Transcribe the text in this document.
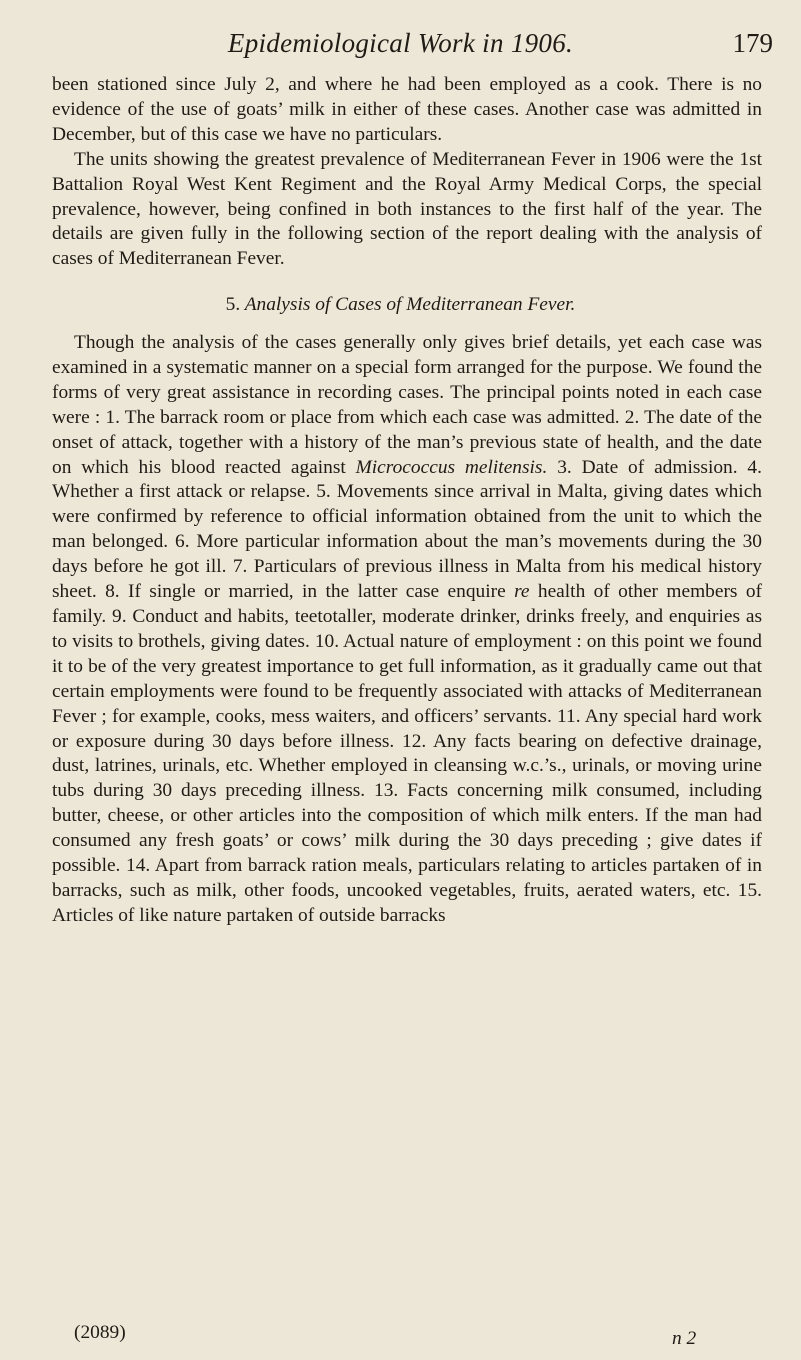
Epidemiological Work in 1906.	179

been stationed since July 2, and where he had been employed as a cook. There is no evidence of the use of goats’ milk in either of these cases. Another case was admitted in December, but of this case we have no particulars.

The units showing the greatest prevalence of Mediterranean Fever in 1906 were the 1st Battalion Royal West Kent Regiment and the Royal Army Medical Corps, the special prevalence, however, being confined in both instances to the first half of the year. The details are given fully in the following section of the report dealing with the analysis of cases of Mediterranean Fever.

5. Analysis of Cases of Mediterranean Fever.

Though the analysis of the cases generally only gives brief details, yet each case was examined in a systematic manner on a special form arranged for the purpose. We found the forms of very great assistance in recording cases. The principal points noted in each case were : 1. The barrack room or place from which each case was admitted. 2. The date of the onset of attack, together with a history of the man’s previous state of health, and the date on which his blood reacted against Micrococcus melitensis. 3. Date of admission. 4. Whether a first attack or relapse. 5. Movements since arrival in Malta, giving dates which were confirmed by reference to official information obtained from the unit to which the man belonged. 6. More particular information about the man’s movements during the 30 days before he got ill. 7. Particulars of previous illness in Malta from his medical history sheet. 8. If single or married, in the latter case enquire re health of other members of family. 9. Conduct and habits, teetotaller, moderate drinker, drinks freely, and enquiries as to visits to brothels, giving dates. 10. Actual nature of employment : on this point we found it to be of the very greatest importance to get full information, as it gradually came out that certain employments were found to be frequently associated with attacks of Mediterranean Fever ; for example, cooks, mess waiters, and officers’ servants. 11. Any special hard work or exposure during 30 days before illness. 12. Any facts bearing on defective drainage, dust, latrines, urinals, etc. Whether employed in cleansing w.c.’s., urinals, or moving urine tubs during 30 days preceding illness. 13. Facts concerning milk consumed, including butter, cheese, or other articles into the composition of which milk enters. If the man had consumed any fresh goats’ or cows’ milk during the 30 days preceding ; give dates if possible. 14. Apart from barrack ration meals, particulars relating to articles partaken of in barracks, such as milk, other foods, uncooked vegetables, fruits, aerated waters, etc. 15. Articles of like nature partaken of outside barracks

(2089)	n 2
